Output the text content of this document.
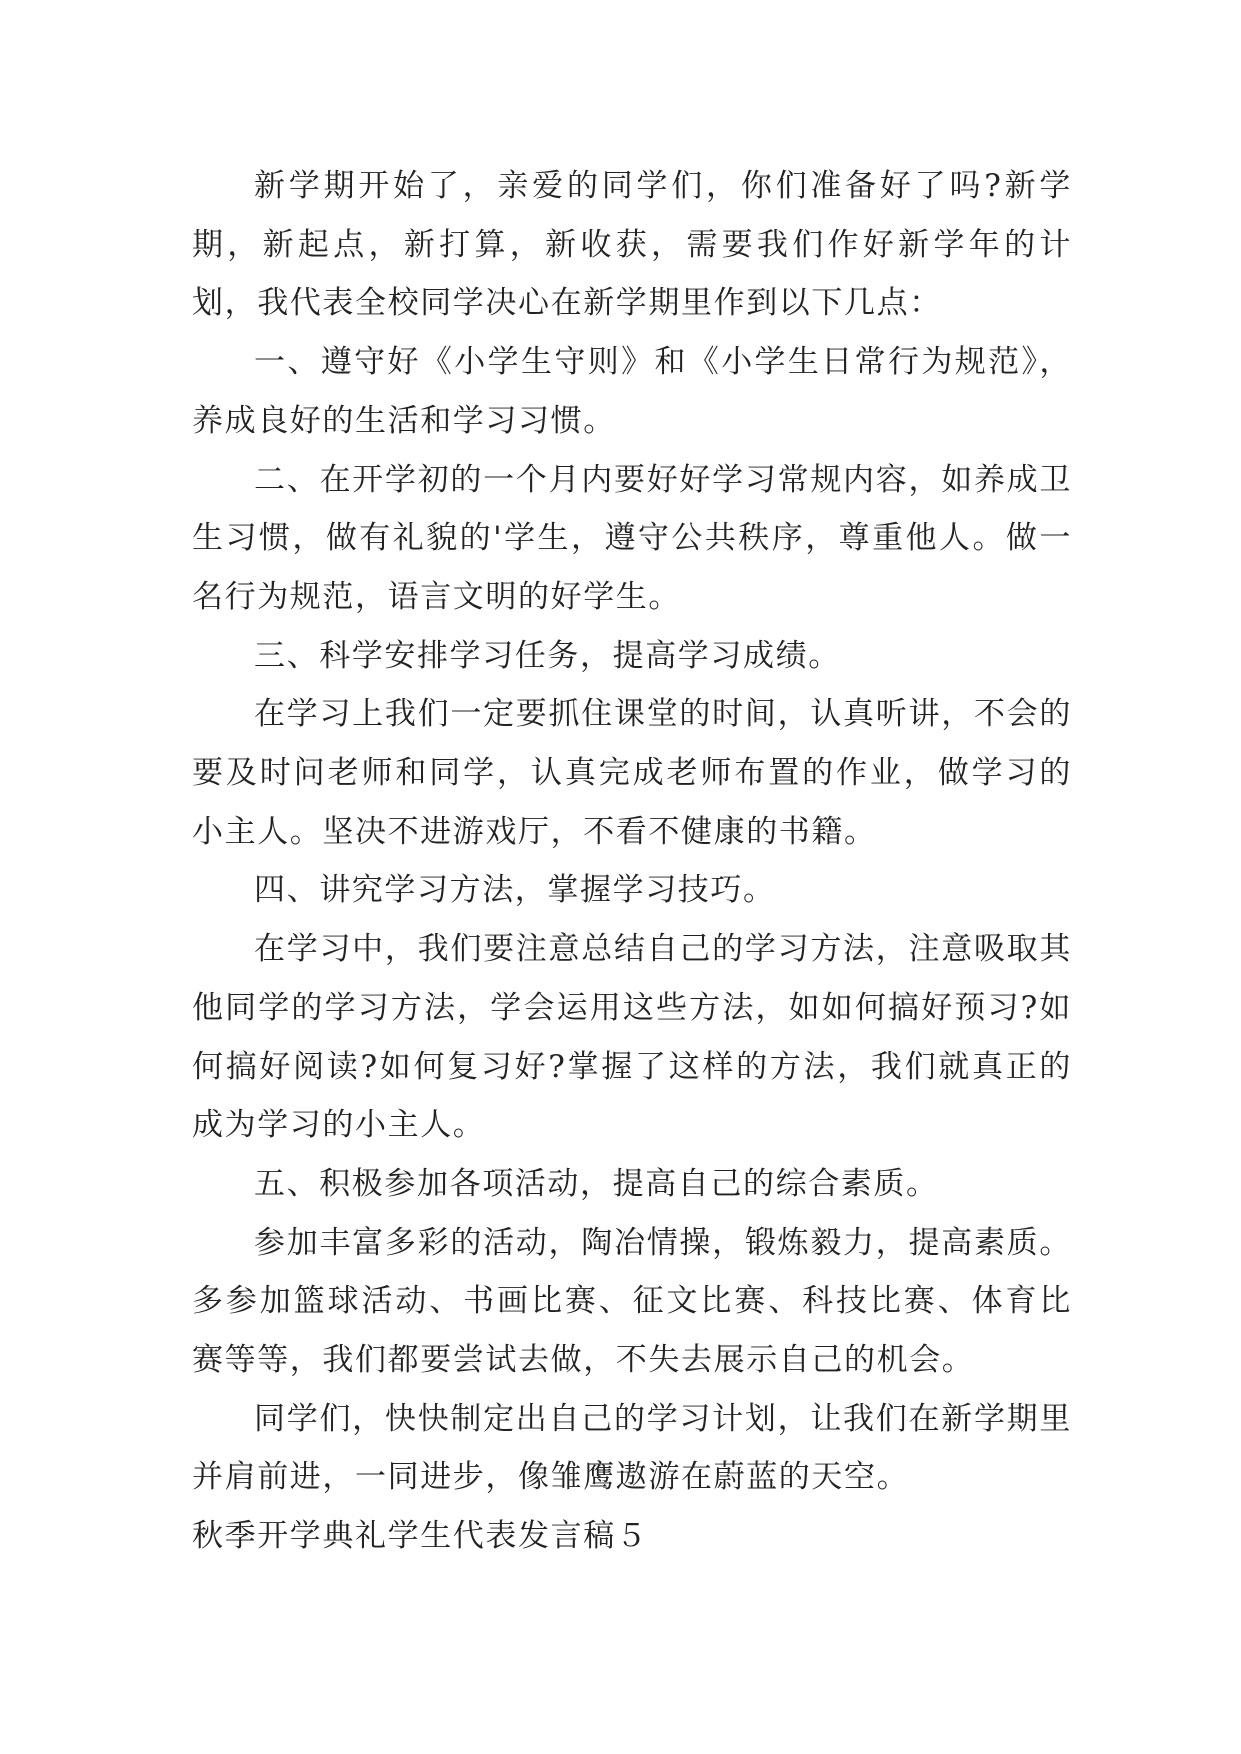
新学期开始了，亲爱的同学们，你们准备好了吗?新学期，新起点，新打算，新收获，需要我们作好新学年的计划，我代表全校同学决心在新学期里作到以下几点：

一、遵守好《小学生守则》和《小学生日常行为规范》，养成良好的生活和学习习惯。

二、在开学初的一个月内要好好学习常规内容，如养成卫生习惯，做有礼貌的'学生，遵守公共秩序，尊重他人。做一名行为规范，语言文明的好学生。

三、科学安排学习任务，提高学习成绩。

在学习上我们一定要抓住课堂的时间，认真听讲，不会的要及时问老师和同学，认真完成老师布置的作业，做学习的小主人。坚决不进游戏厅，不看不健康的书籍。

四、讲究学习方法，掌握学习技巧。

在学习中，我们要注意总结自己的学习方法，注意吸取其他同学的学习方法，学会运用这些方法，如如何搞好预习?如何搞好阅读?如何复习好?掌握了这样的方法，我们就真正的成为学习的小主人。

五、积极参加各项活动，提高自己的综合素质。

参加丰富多彩的活动，陶冶情操，锻炼毅力，提高素质。多参加篮球活动、书画比赛、征文比赛、科技比赛、体育比赛等等，我们都要尝试去做，不失去展示自己的机会。

同学们，快快制定出自己的学习计划，让我们在新学期里并肩前进，一同进步，像雏鹰遨游在蔚蓝的天空。

秋季开学典礼学生代表发言稿５
